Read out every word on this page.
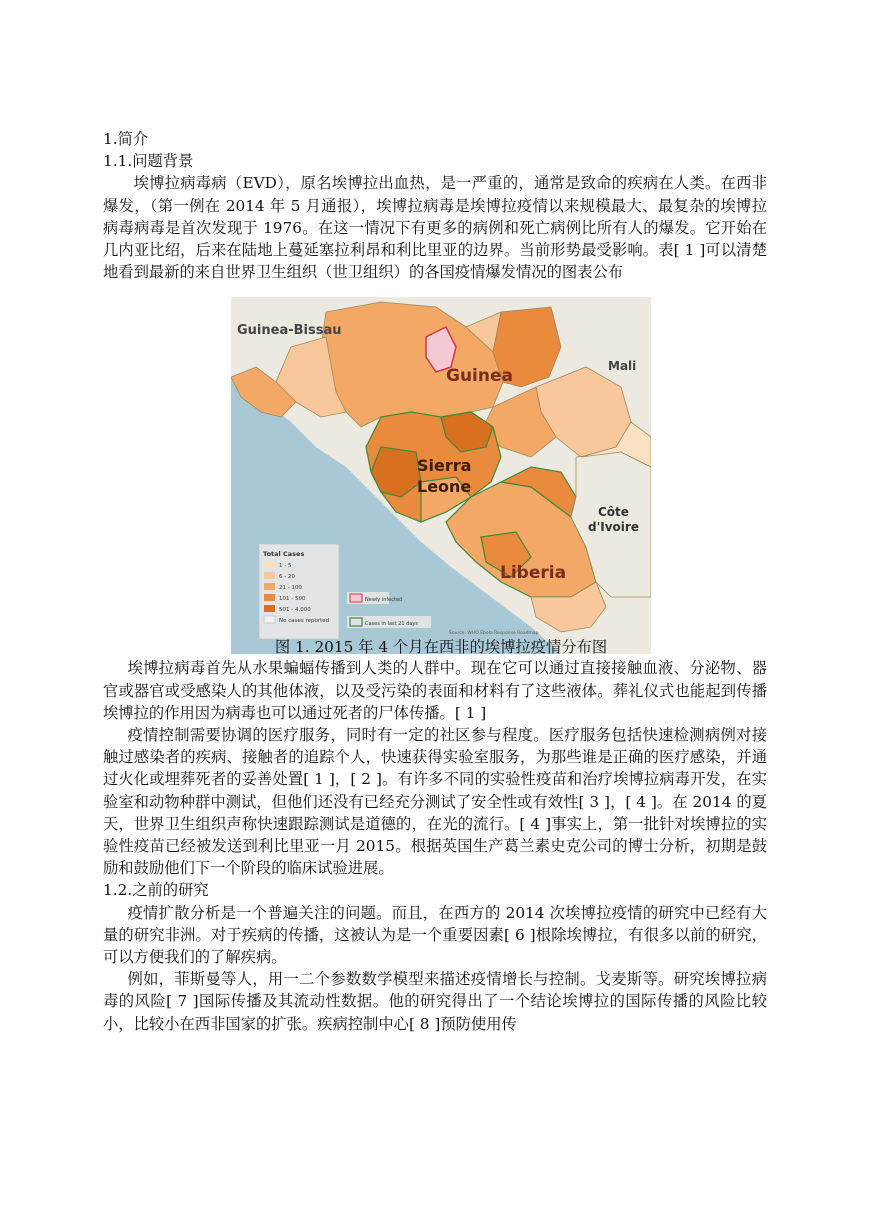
1.简介
1.1.问题背景

埃博拉病毒病（EVD），原名埃博拉出血热，是一严重的，通常是致命的疾病在人类。在西非爆发，（第一例在 2014 年 5 月通报），埃博拉病毒是埃博拉疫情以来规模最大、最复杂的埃博拉病毒病毒是首次发现于 1976。在这一情况下有更多的病例和死亡病例比所有人的爆发。它开始在几内亚比绍，后来在陆地上蔓延塞拉利昂和利比里亚的边界。当前形势最受影响。表[ 1 ]可以清楚地看到最新的来自世界卫生组织（世卫组织）的各国疫情爆发情况的图表公布

Guinea-Bissau
Guinea	Mali
Sierra
Leone
Côte
d'Ivoire
Liberia
Total Cases
1 - 5
6 - 20
21 - 100
101 - 500
501 - 4,000
No cases reported
Newly infected
Cases in last 21 days
Source: WHO Ebola Response Roadmap
图 1. 2015 年 4 个月在西非的埃博拉疫情分布图

埃博拉病毒首先从水果蝙蝠传播到人类的人群中。现在它可以通过直接接触血液、分泌物、器官或器官或受感染人的其他体液，以及受污染的表面和材料有了这些液体。葬礼仪式也能起到传播埃博拉的作用因为病毒也可以通过死者的尸体传播。[ 1 ]

疫情控制需要协调的医疗服务，同时有一定的社区参与程度。医疗服务包括快速检测病例对接触过感染者的疾病、接触者的追踪个人，快速获得实验室服务，为那些谁是正确的医疗感染，并通过火化或埋葬死者的妥善处置[ 1 ]，[ 2 ]。有许多不同的实验性疫苗和治疗埃博拉病毒开发，在实验室和动物种群中测试，但他们还没有已经充分测试了安全性或有效性[ 3 ]，[ 4 ]。在 2014 的夏天，世界卫生组织声称快速跟踪测试是道德的，在光的流行。[ 4 ]事实上，第一批针对埃博拉的实验性疫苗已经被发送到利比里亚一月 2015。根据英国生产葛兰素史克公司的博士分析，初期是鼓励和鼓励他们下一个阶段的临床试验进展。

1.2.之前的研究

疫情扩散分析是一个普遍关注的问题。而且，在西方的 2014 次埃博拉疫情的研究中已经有大量的研究非洲。对于疾病的传播，这被认为是一个重要因素[ 6 ]根除埃博拉，有很多以前的研究，可以方便我们的了解疾病。

例如，菲斯曼等人，用一二个参数数学模型来描述疫情增长与控制。戈麦斯等。研究埃博拉病毒的风险[ 7 ]国际传播及其流动性数据。他的研究得出了一个结论埃博拉的国际传播的风险比较小，比较小在西非国家的扩张。疾病控制中心[ 8 ]预防使用传
